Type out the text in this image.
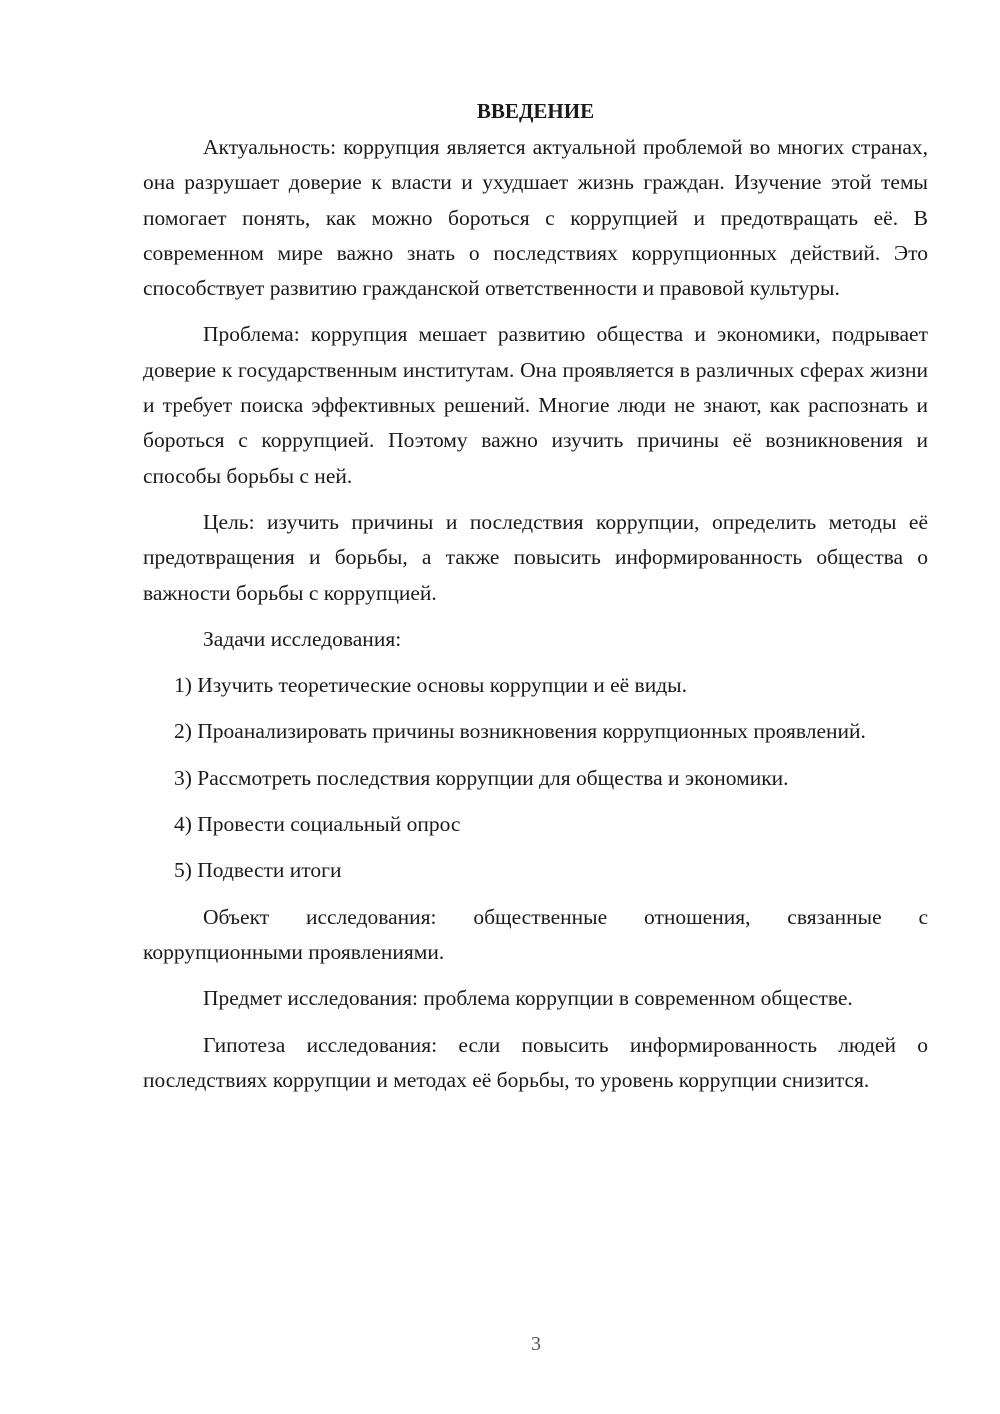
ВВЕДЕНИЕ

Актуальность: коррупция является актуальной проблемой во многих странах, она разрушает доверие к власти и ухудшает жизнь граждан. Изучение этой темы помогает понять, как можно бороться с коррупцией и предотвращать её. В современном мире важно знать о последствиях коррупционных действий. Это способствует развитию гражданской ответственности и правовой культуры.

Проблема: коррупция мешает развитию общества и экономики, подрывает доверие к государственным институтам. Она проявляется в различных сферах жизни и требует поиска эффективных решений. Многие люди не знают, как распознать и бороться с коррупцией. Поэтому важно изучить причины её возникновения и способы борьбы с ней.

Цель: изучить причины и последствия коррупции, определить методы её предотвращения и борьбы, а также повысить информированность общества о важности борьбы с коррупцией.

Задачи исследования:

1) Изучить теоретические основы коррупции и её виды.

2) Проанализировать причины возникновения коррупционных проявлений.

3) Рассмотреть последствия коррупции для общества и экономики.

4) Провести социальный опрос

5) Подвести итоги

Объект исследования: общественные отношения, связанные с коррупционными проявлениями.

Предмет исследования: проблема коррупции в современном обществе.

Гипотеза исследования: если повысить информированность людей о последствиях коррупции и методах её борьбы, то уровень коррупции снизится.

3
